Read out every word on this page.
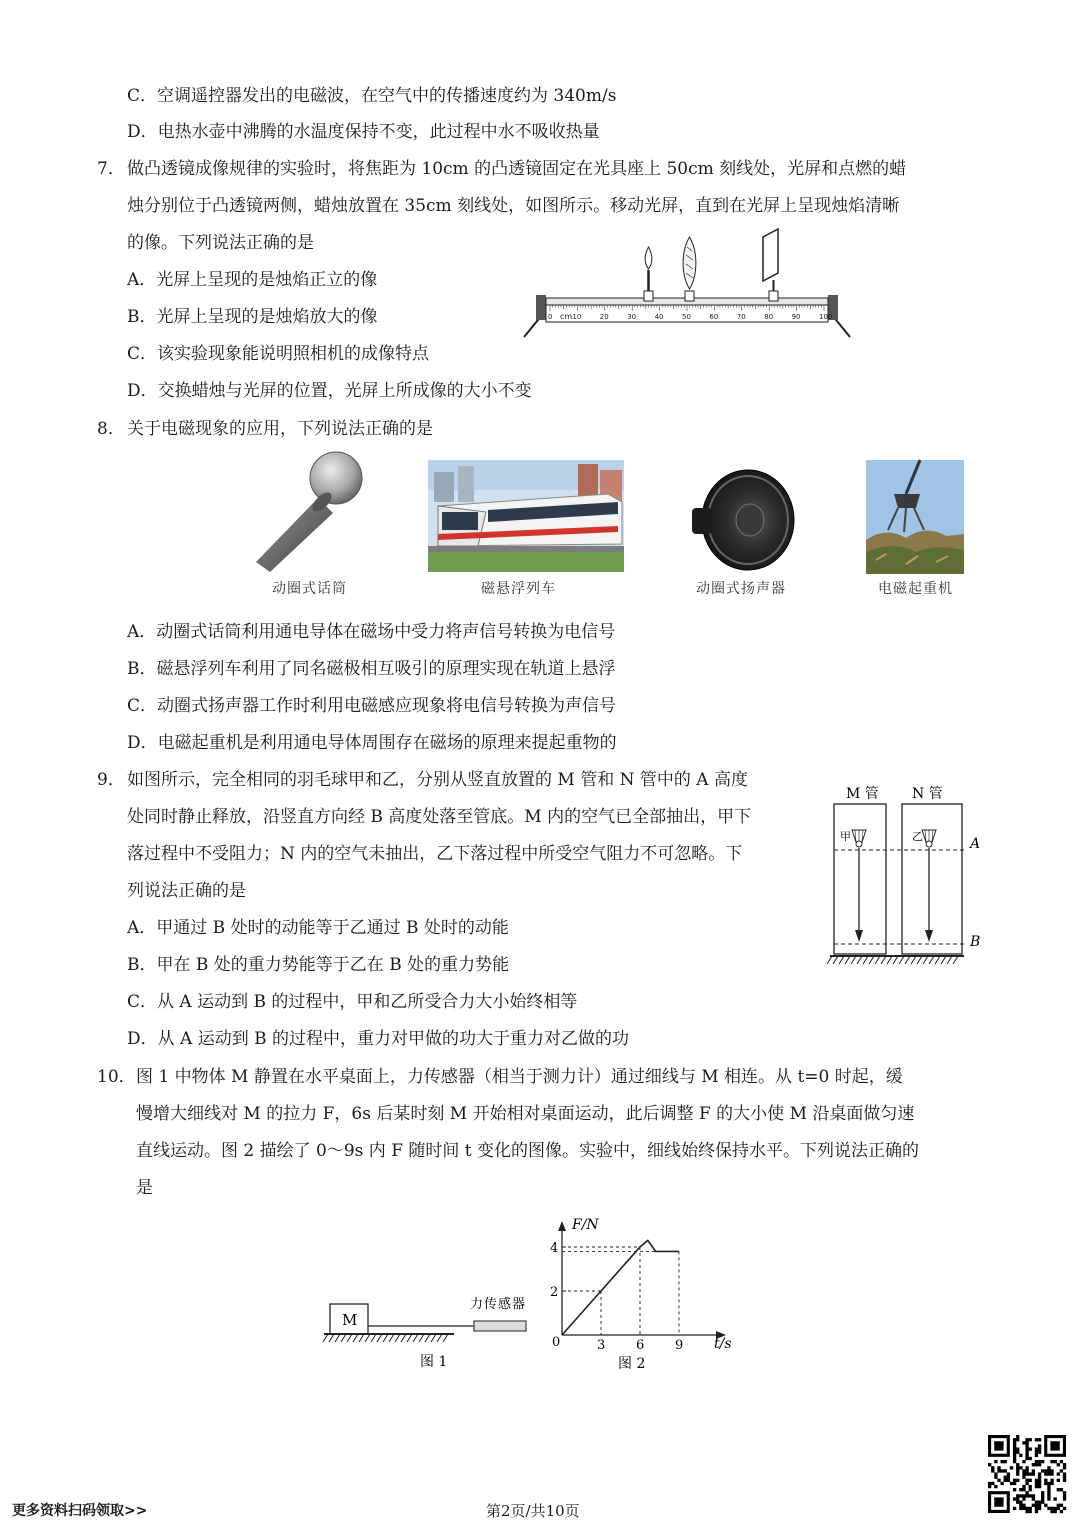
C．空调遥控器发出的电磁波，在空气中的传播速度约为 340m/s
D．电热水壶中沸腾的水温度保持不变，此过程中水不吸收热量
7． 做凸透镜成像规律的实验时，将焦距为 10cm 的凸透镜固定在光具座上 50cm 刻线处，光屏和点燃的蜡
烛分别位于凸透镜两侧，蜡烛放置在 35cm 刻线处，如图所示。移动光屏，直到在光屏上呈现烛焰清晰
的像。下列说法正确的是
A．光屏上呈现的是烛焰正立的像
B．光屏上呈现的是烛焰放大的像
C．该实验现象能说明照相机的成像特点
D．交换蜡烛与光屏的位置，光屏上所成像的大小不变
cm 10	20	30	40	50	60	70	80	90	100
0
8． 关于电磁现象的应用，下列说法正确的是
动圈式话筒	磁悬浮列车	动圈式扬声器	电磁起重机
A．动圈式话筒利用通电导体在磁场中受力将声信号转换为电信号
B．磁悬浮列车利用了同名磁极相互吸引的原理实现在轨道上悬浮
C．动圈式扬声器工作时利用电磁感应现象将电信号转换为声信号
D．电磁起重机是利用通电导体周围存在磁场的原理来提起重物的
9． 如图所示，完全相同的羽毛球甲和乙，分别从竖直放置的 M 管和 N 管中的 A 高度
处同时静止释放，沿竖直方向经 B 高度处落至管底。M 内的空气已全部抽出，甲下
落过程中不受阻力；N 内的空气未抽出，乙下落过程中所受空气阻力不可忽略。下
列说法正确的是
A．甲通过 B 处时的动能等于乙通过 B 处时的动能
B．甲在 B 处的重力势能等于乙在 B 处的重力势能
C．从 A 运动到 B 的过程中，甲和乙所受合力大小始终相等
D．从 A 运动到 B 的过程中，重力对甲做的功大于重力对乙做的功
M 管 N 管
A
B
甲	乙
10． 图 1 中物体 M 静置在水平桌面上，力传感器（相当于测力计）通过细线与 M 相连。从 t=0 时起，缓
慢增大细线对 M 的拉力 F，6s 后某时刻 M 开始相对桌面运动，此后调整 F 的大小使 M 沿桌面做匀速
直线运动。图 2 描绘了 0～9s 内 F 随时间 t 变化的图像。实验中，细线始终保持水平。下列说法正确的
是
M
力传感器
图 1
F/N
t/s
0	3 6 9
2
4
图 2
更多资料扫码领取>>	第2页/共10页
